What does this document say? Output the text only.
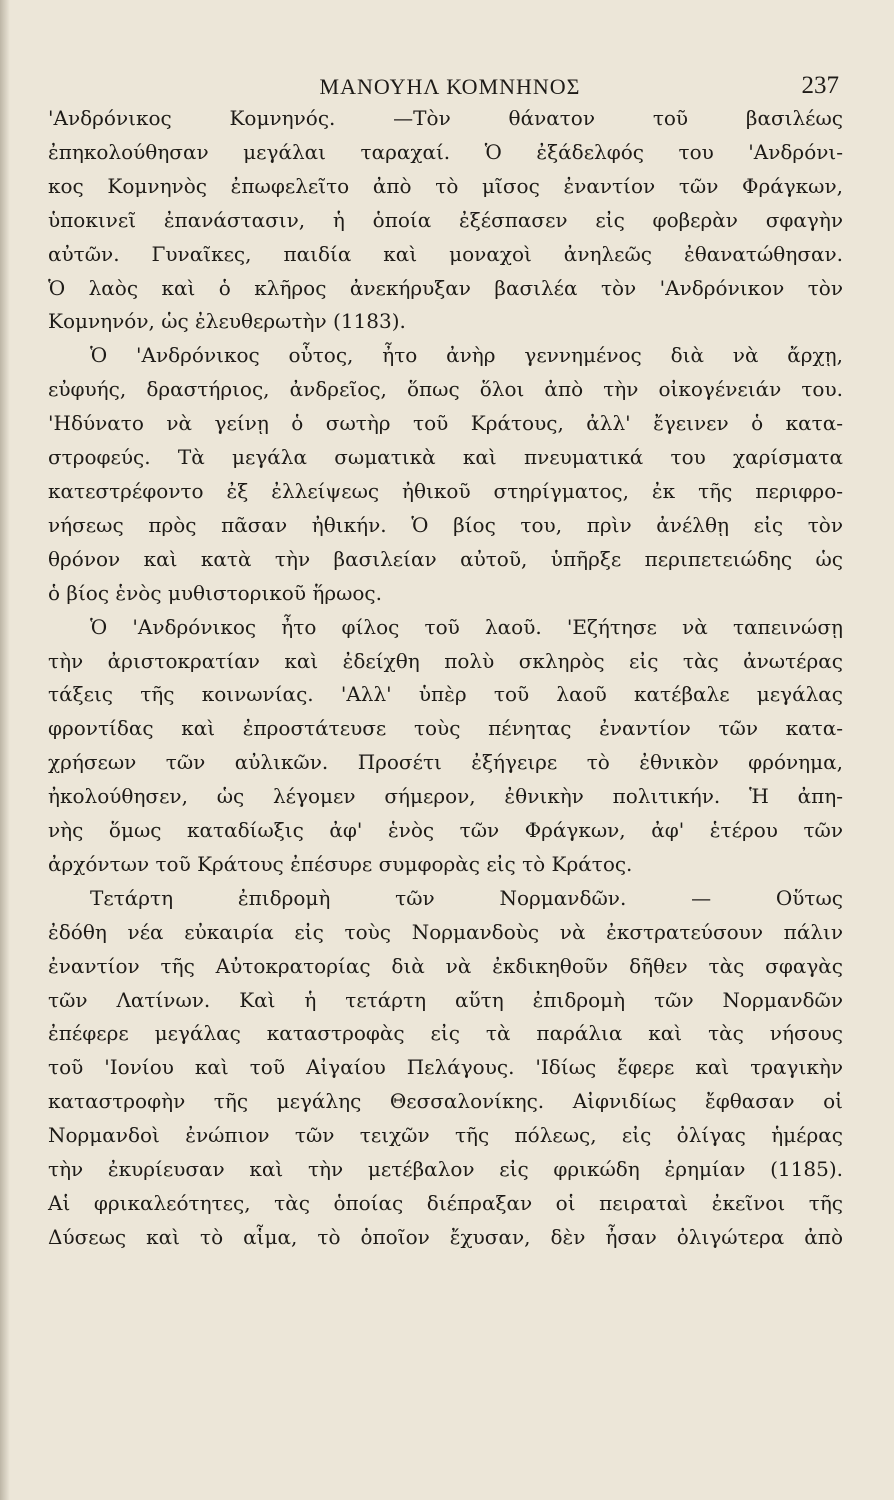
ΜΑΝΟΥΗΛ ΚΟΜΝΗΝΟΣ	237
'Ανδρόνικος Κομνηνός. —Τὸν θάνατον τοῦ βασιλέως
ἐπηκολούθησαν μεγάλαι ταραχαί. Ὁ ἐξάδελφός του 'Ανδρόνι-
κος Κομνηνὸς ἐπωφελεῖτο ἀπὸ τὸ μῖσος ἐναντίον τῶν Φράγκων,
ὑποκινεῖ ἐπανάστασιν, ἡ ὁποία ἐξέσπασεν εἰς φοβερὰν σφαγὴν
αὐτῶν. Γυναῖκες, παιδία καὶ μοναχοὶ ἀνηλεῶς ἐθανατώθησαν.
Ὁ λαὸς καὶ ὁ κλῆρος ἀνεκήρυξαν βασιλέα τὸν 'Ανδρόνικον τὸν
Κομνηνόν, ὡς ἐλευθερωτὴν (1183).
Ὁ 'Ανδρόνικος οὗτος, ἦτο ἀνὴρ γεννημένος διὰ νὰ ἄρχῃ,
εὐφυής, δραστήριος, ἀνδρεῖος, ὅπως ὅλοι ἀπὸ τὴν οἰκογένειάν του.
'Ηδύνατο νὰ γείνῃ ὁ σωτὴρ τοῦ Κράτους, ἀλλ' ἔγεινεν ὁ κατα-
στροφεύς. Τὰ μεγάλα σωματικὰ καὶ πνευματικά του χαρίσματα
κατεστρέφοντο ἐξ ἐλλείψεως ἠθικοῦ στηρίγματος, ἐκ τῆς περιφρο-
νήσεως πρὸς πᾶσαν ἠθικήν. Ὁ βίος του, πρὶν ἀνέλθῃ εἰς τὸν
θρόνον καὶ κατὰ τὴν βασιλείαν αὐτοῦ, ὑπῆρξε περιπετειώδης ὡς
ὁ βίος ἑνὸς μυθιστορικοῦ ἥρωος.
Ὁ 'Ανδρόνικος ἦτο φίλος τοῦ λαοῦ. 'Εζήτησε νὰ ταπεινώσῃ
τὴν ἀριστοκρατίαν καὶ ἐδείχθη πολὺ σκληρὸς εἰς τὰς ἀνωτέρας
τάξεις τῆς κοινωνίας. 'Αλλ' ὑπὲρ τοῦ λαοῦ κατέβαλε μεγάλας
φροντίδας καὶ ἐπροστάτευσε τοὺς πένητας ἐναντίον τῶν κατα-
χρήσεων τῶν αὐλικῶν. Προσέτι ἐξήγειρε τὸ ἐθνικὸν φρόνημα,
ἠκολούθησεν, ὡς λέγομεν σήμερον, ἐθνικὴν πολιτικήν. Ἡ ἀπη-
νὴς ὅμως καταδίωξις ἀφ' ἑνὸς τῶν Φράγκων, ἀφ' ἑτέρου τῶν
ἀρχόντων τοῦ Κράτους ἐπέσυρε συμφορὰς εἰς τὸ Κράτος.
Τετάρτη ἐπιδρομὴ τῶν Νορμανδῶν. — Οὕτως
ἐδόθη νέα εὐκαιρία εἰς τοὺς Νορμανδοὺς νὰ ἐκστρατεύσουν πάλιν
ἐναντίον τῆς Αὐτοκρατορίας διὰ νὰ ἐκδικηθοῦν δῆθεν τὰς σφαγὰς
τῶν Λατίνων. Καὶ ἡ τετάρτη αὕτη ἐπιδρομὴ τῶν Νορμανδῶν
ἐπέφερε μεγάλας καταστροφὰς εἰς τὰ παράλια καὶ τὰς νήσους
τοῦ 'Ιονίου καὶ τοῦ Αἰγαίου Πελάγους. 'Ιδίως ἔφερε καὶ τραγικὴν
καταστροφὴν τῆς μεγάλης Θεσσαλονίκης. Αἰφνιδίως ἔφθασαν οἱ
Νορμανδοὶ ἐνώπιον τῶν τειχῶν τῆς πόλεως, εἰς ὀλίγας ἡμέρας
τὴν ἐκυρίευσαν καὶ τὴν μετέβαλον εἰς φρικώδη ἐρημίαν (1185).
Αἱ φρικαλεότητες, τὰς ὁποίας διέπραξαν οἱ πειραταὶ ἐκεῖνοι τῆς
Δύσεως καὶ τὸ αἷμα, τὸ ὁποῖον ἔχυσαν, δὲν ἦσαν ὀλιγώτερα ἀπὸ
